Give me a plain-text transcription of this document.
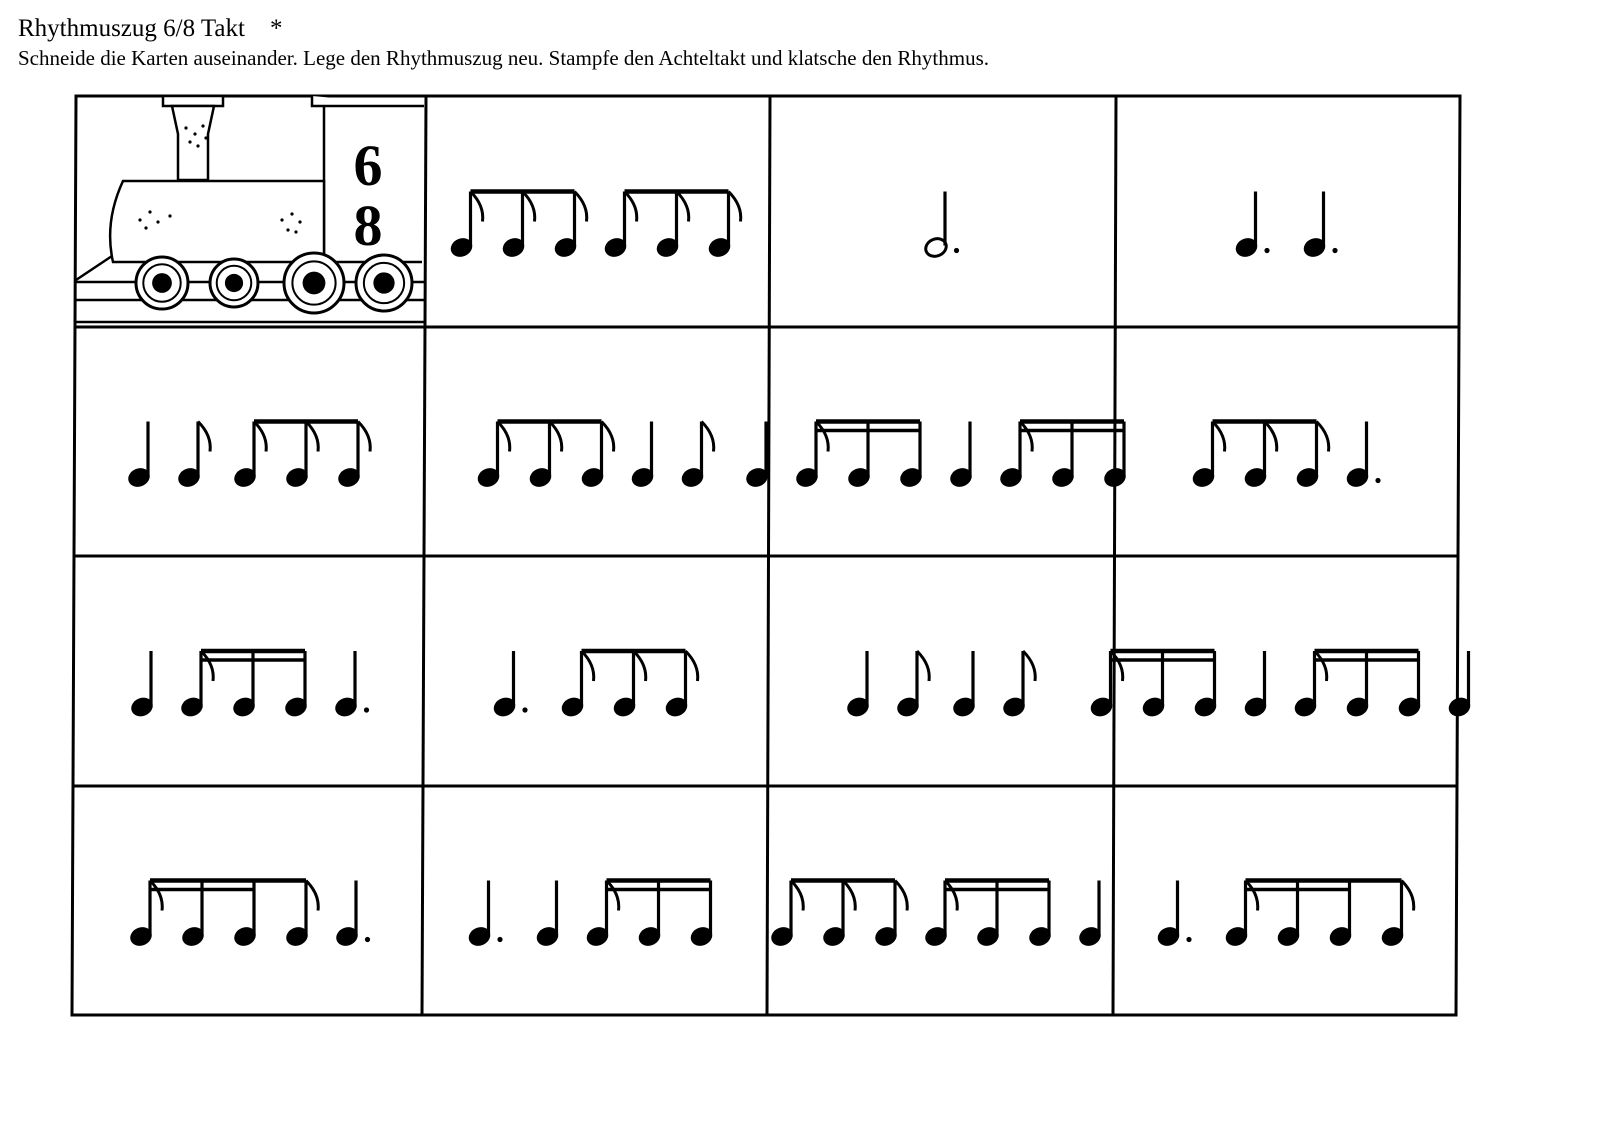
Rhythmuszug 6/8 Takt    *
Schneide die Karten auseinander. Lege den Rhythmuszug neu. Stampfe den Achteltakt und klatsche den Rhythmus.
6
8
